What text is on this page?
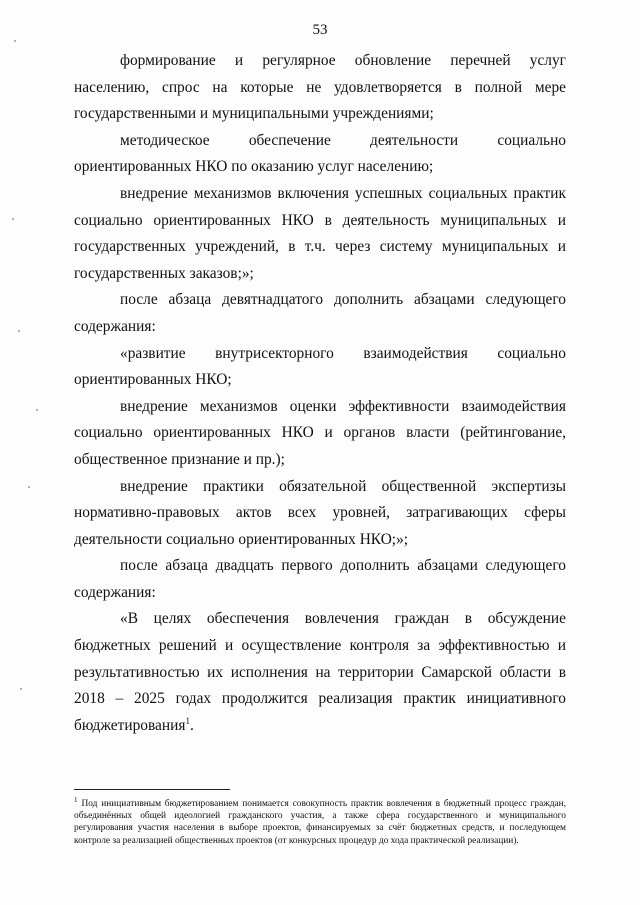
53

формирование и регулярное обновление перечней услуг населению, спрос на которые не удовлетворяется в полной мере государственными и муниципальными учреждениями;

методическое обеспечение деятельности социально ориентированных НКО по оказанию услуг населению;

внедрение механизмов включения успешных социальных практик социально ориентированных НКО в деятельность муниципальных и государственных учреждений, в т.ч. через систему муниципальных и государственных заказов;»;

после абзаца девятнадцатого дополнить абзацами следующего содержания:

«развитие внутрисекторного взаимодействия социально ориентированных НКО;

внедрение механизмов оценки эффективности взаимодействия социально ориентированных НКО и органов власти (рейтингование, общественное признание и пр.);

внедрение практики обязательной общественной экспертизы нормативно-правовых актов всех уровней, затрагивающих сферы деятельности социально ориентированных НКО;»;

после абзаца двадцать первого дополнить абзацами следующего содержания:

«В целях обеспечения вовлечения граждан в обсуждение бюджетных решений и осуществление контроля за эффективностью и результативностью их исполнения на территории Самарской области в 2018 – 2025 годах продолжится реализация практик инициативного бюджетирования$^1$.

$^1$ Под инициативным бюджетированием понимается совокупность практик вовлечения в бюджетный процесс граждан, объединённых общей идеологией гражданского участия, а также сфера государственного и муниципального регулирования участия населения в выборе проектов, финансируемых за счёт бюджетных средств, и последующем контроле за реализацией общественных проектов (от конкурсных процедур до хода практической реализации).
